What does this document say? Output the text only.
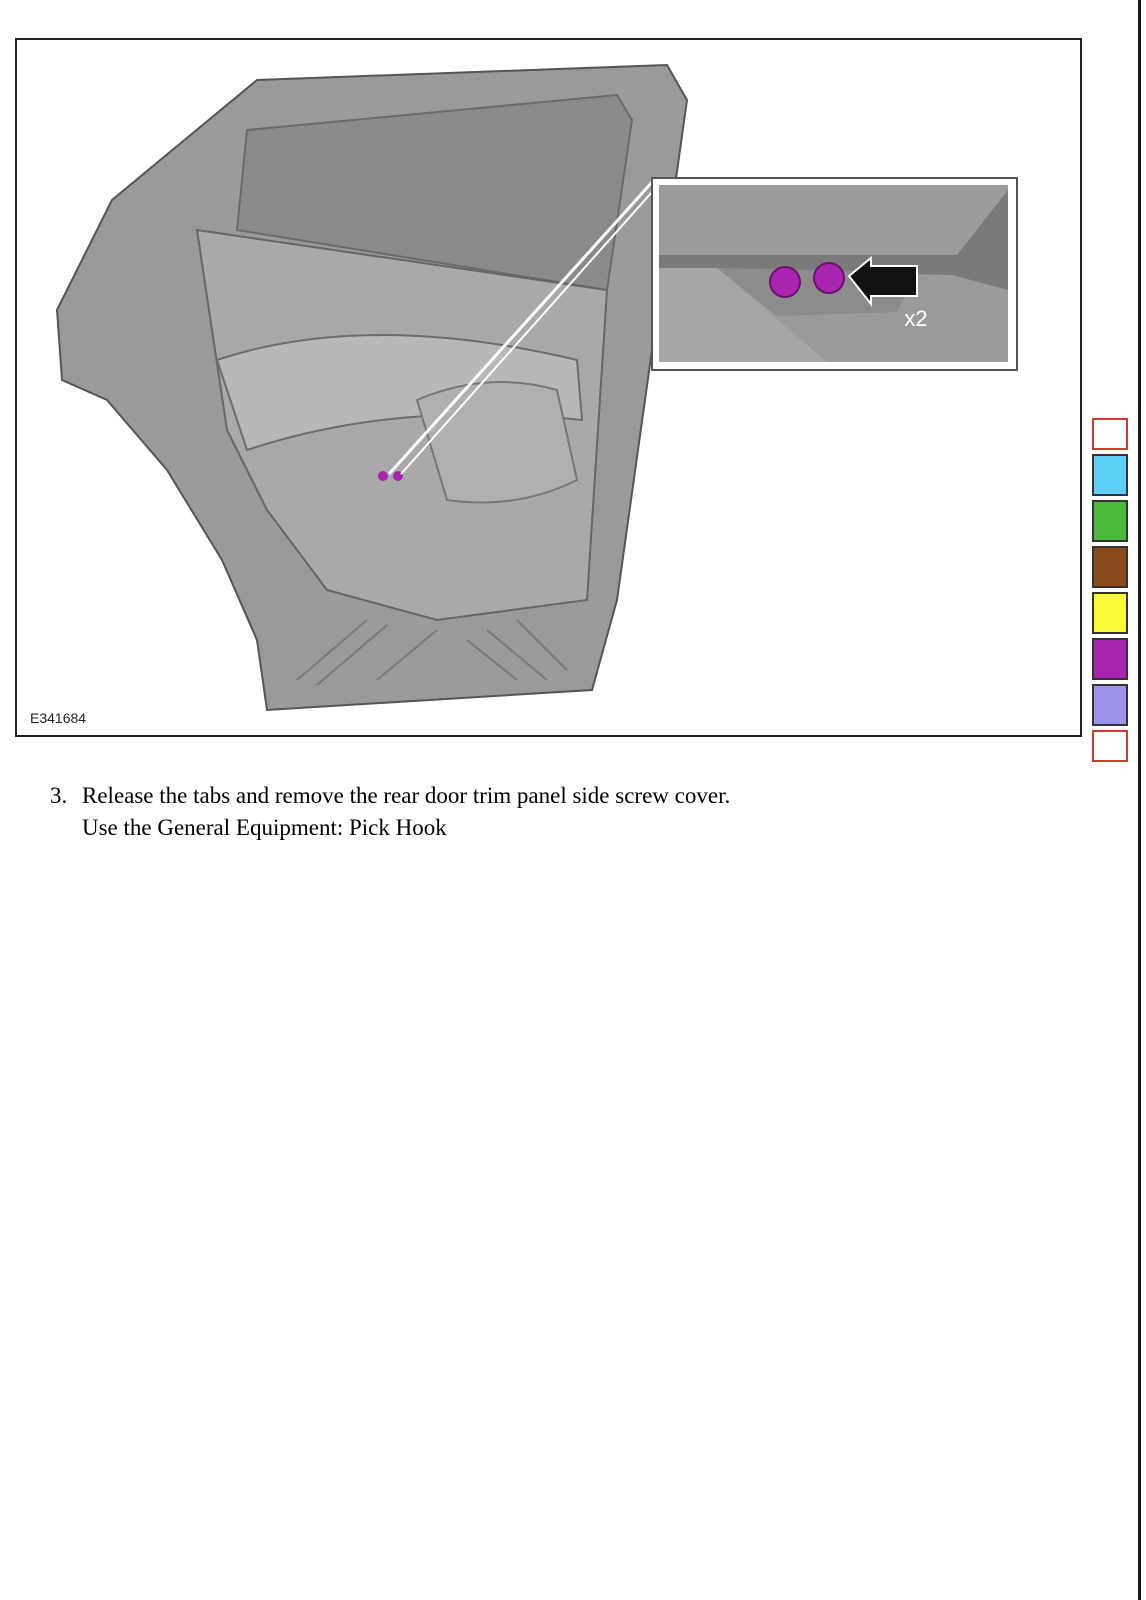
E341684
x2
3. Release the tabs and remove the rear door trim panel side screw cover.
Use the General Equipment: Pick Hook
